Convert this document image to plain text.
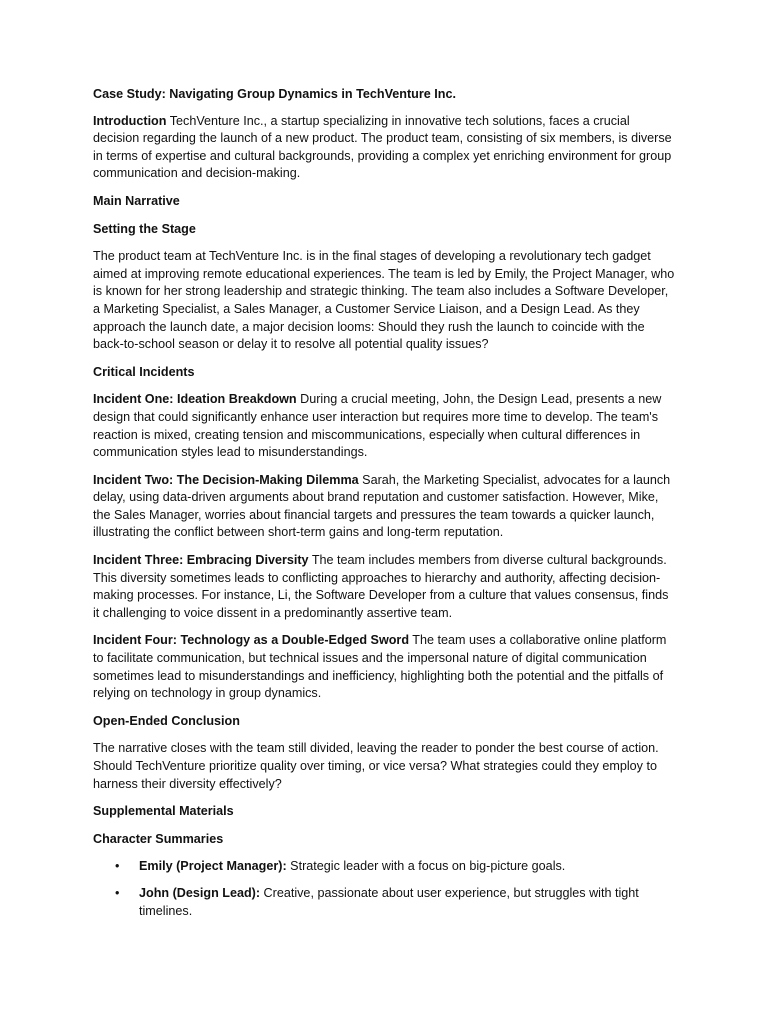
Case Study: Navigating Group Dynamics in TechVenture Inc.

Introduction TechVenture Inc., a startup specializing in innovative tech solutions, faces a crucial decision regarding the launch of a new product. The product team, consisting of six members, is diverse in terms of expertise and cultural backgrounds, providing a complex yet enriching environment for group communication and decision-making.

Main Narrative

Setting the Stage

The product team at TechVenture Inc. is in the final stages of developing a revolutionary tech gadget aimed at improving remote educational experiences. The team is led by Emily, the Project Manager, who is known for her strong leadership and strategic thinking. The team also includes a Software Developer, a Marketing Specialist, a Sales Manager, a Customer Service Liaison, and a Design Lead. As they approach the launch date, a major decision looms: Should they rush the launch to coincide with the back-to-school season or delay it to resolve all potential quality issues?

Critical Incidents

Incident One: Ideation Breakdown During a crucial meeting, John, the Design Lead, presents a new design that could significantly enhance user interaction but requires more time to develop. The team's reaction is mixed, creating tension and miscommunications, especially when cultural differences in communication styles lead to misunderstandings.

Incident Two: The Decision-Making Dilemma Sarah, the Marketing Specialist, advocates for a launch delay, using data-driven arguments about brand reputation and customer satisfaction. However, Mike, the Sales Manager, worries about financial targets and pressures the team towards a quicker launch, illustrating the conflict between short-term gains and long-term reputation.

Incident Three: Embracing Diversity The team includes members from diverse cultural backgrounds. This diversity sometimes leads to conflicting approaches to hierarchy and authority, affecting decision-making processes. For instance, Li, the Software Developer from a culture that values consensus, finds it challenging to voice dissent in a predominantly assertive team.

Incident Four: Technology as a Double-Edged Sword The team uses a collaborative online platform to facilitate communication, but technical issues and the impersonal nature of digital communication sometimes lead to misunderstandings and inefficiency, highlighting both the potential and the pitfalls of relying on technology in group dynamics.

Open-Ended Conclusion

The narrative closes with the team still divided, leaving the reader to ponder the best course of action. Should TechVenture prioritize quality over timing, or vice versa? What strategies could they employ to harness their diversity effectively?

Supplemental Materials

Character Summaries

• Emily (Project Manager): Strategic leader with a focus on big-picture goals.
• John (Design Lead): Creative, passionate about user experience, but struggles with tight timelines.
